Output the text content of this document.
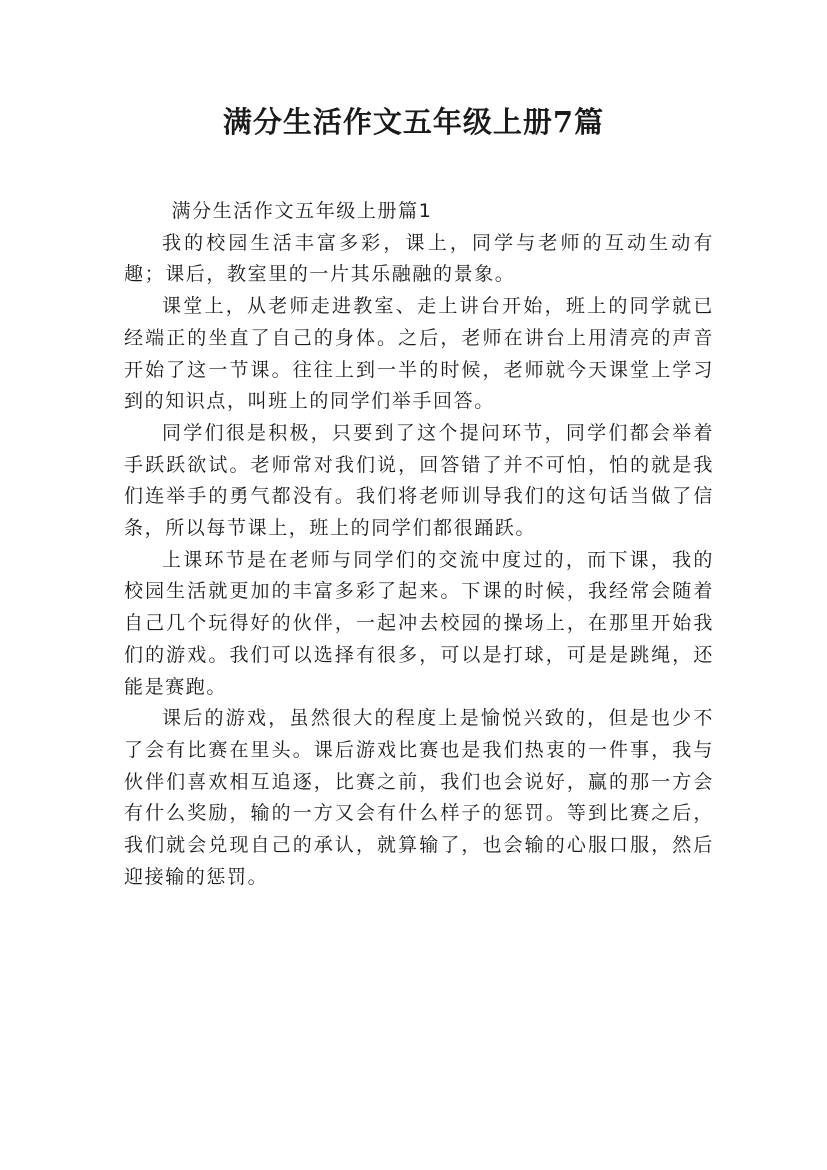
满分生活作文五年级上册7篇

满分生活作文五年级上册篇1

我的校园生活丰富多彩，课上，同学与老师的互动生动有趣；课后，教室里的一片其乐融融的景象。

课堂上，从老师走进教室、走上讲台开始，班上的同学就已经端正的坐直了自己的身体。之后，老师在讲台上用清亮的声音开始了这一节课。往往上到一半的时候，老师就今天课堂上学习到的知识点，叫班上的同学们举手回答。

同学们很是积极，只要到了这个提问环节，同学们都会举着手跃跃欲试。老师常对我们说，回答错了并不可怕，怕的就是我们连举手的勇气都没有。我们将老师训导我们的这句话当做了信条，所以每节课上，班上的同学们都很踊跃。

上课环节是在老师与同学们的交流中度过的，而下课，我的校园生活就更加的丰富多彩了起来。下课的时候，我经常会随着自己几个玩得好的伙伴，一起冲去校园的操场上，在那里开始我们的游戏。我们可以选择有很多，可以是打球，可是是跳绳，还能是赛跑。

课后的游戏，虽然很大的程度上是愉悦兴致的，但是也少不了会有比赛在里头。课后游戏比赛也是我们热衷的一件事，我与伙伴们喜欢相互追逐，比赛之前，我们也会说好，赢的那一方会有什么奖励，输的一方又会有什么样子的惩罚。等到比赛之后，我们就会兑现自己的承认，就算输了，也会输的心服口服，然后迎接输的惩罚。
